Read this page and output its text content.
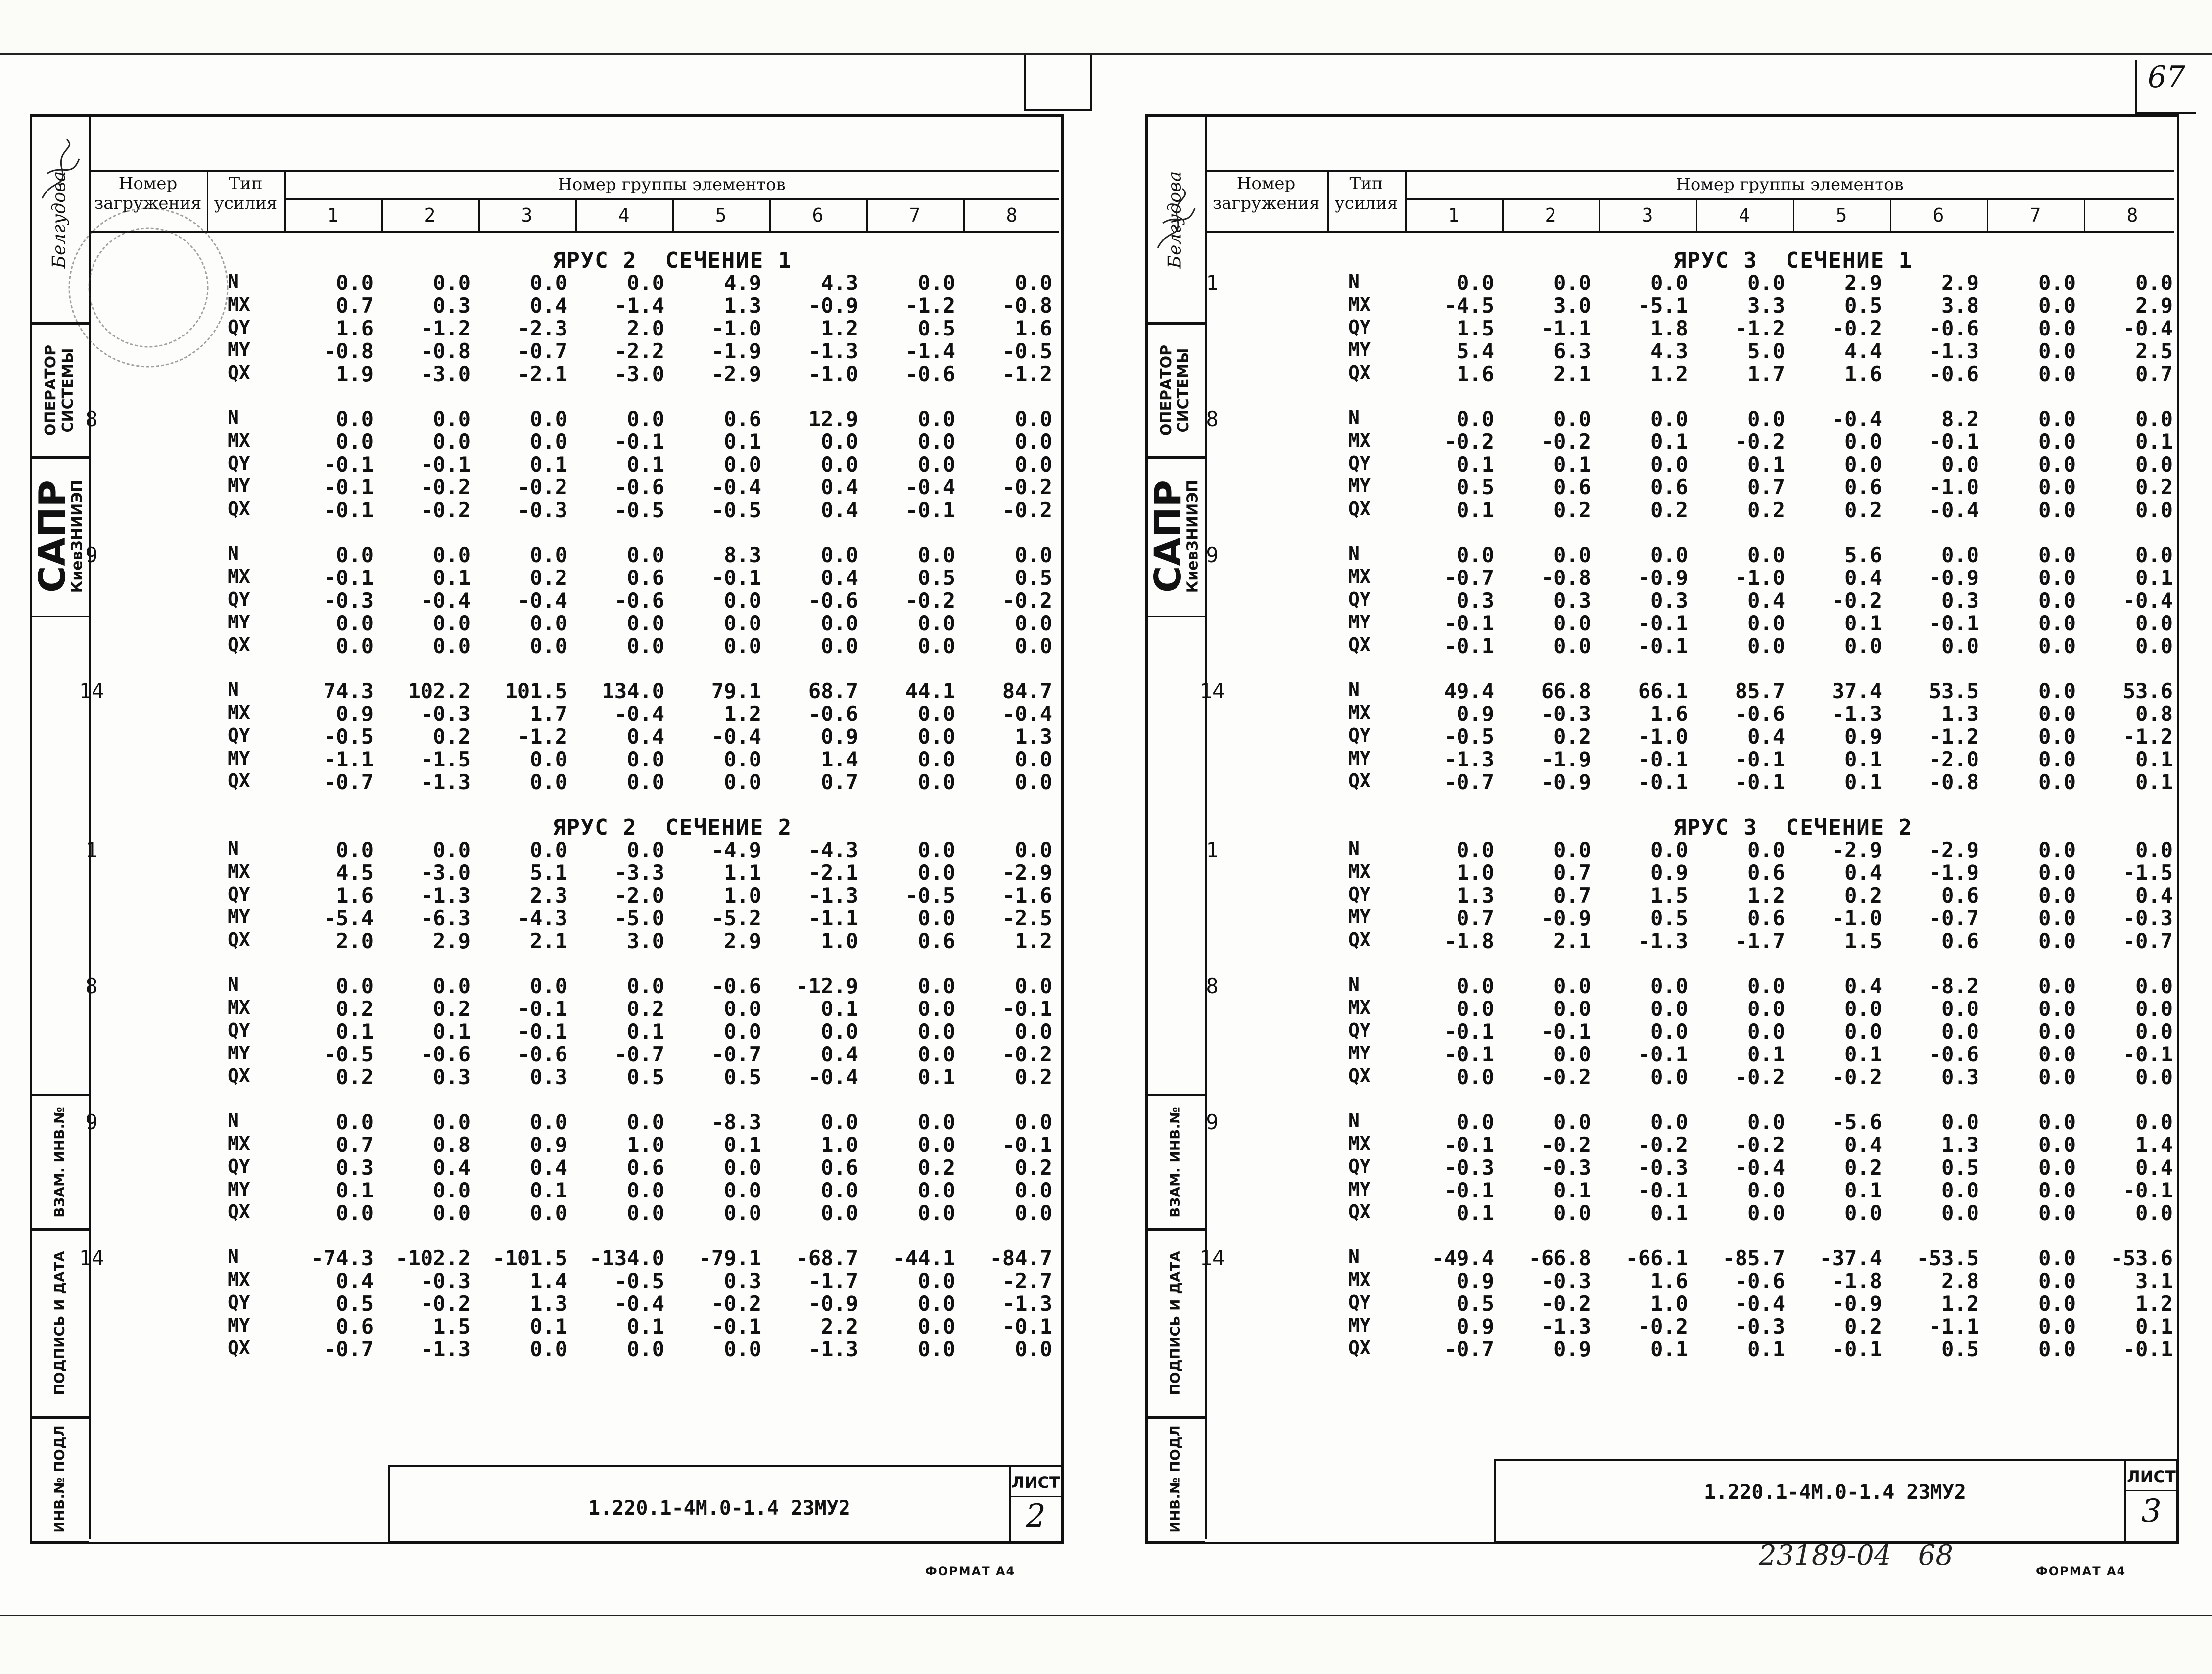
Номер
загружения
Тип
усилия
Номер группы элементов
1	2	3	4	5	6	7	8
ЯРУС 2  СЕЧЕНИЕ 1
N	0.0	0.0	0.0	0.0	4.9	4.3	0.0	0.0
MX	0.7	0.3	0.4	-1.4	1.3	-0.9	-1.2	-0.8
QY	1.6	-1.2	-2.3	2.0	-1.0	1.2	0.5	1.6
MY	-0.8	-0.8	-0.7	-2.2	-1.9	-1.3	-1.4	-0.5
QX	1.9	-3.0	-2.1	-3.0	-2.9	-1.0	-0.6	-1.2
8	N	0.0	0.0	0.0	0.0	0.6	12.9	0.0	0.0
MX	0.0	0.0	0.0	-0.1	0.1	0.0	0.0	0.0
QY	-0.1	-0.1	0.1	0.1	0.0	0.0	0.0	0.0
MY	-0.1	-0.2	-0.2	-0.6	-0.4	0.4	-0.4	-0.2
QX	-0.1	-0.2	-0.3	-0.5	-0.5	0.4	-0.1	-0.2
9	N	0.0	0.0	0.0	0.0	8.3	0.0	0.0	0.0
MX	-0.1	0.1	0.2	0.6	-0.1	0.4	0.5	0.5
QY	-0.3	-0.4	-0.4	-0.6	0.0	-0.6	-0.2	-0.2
MY	0.0	0.0	0.0	0.0	0.0	0.0	0.0	0.0
QX	0.0	0.0	0.0	0.0	0.0	0.0	0.0	0.0
14	N	74.3	102.2	101.5	134.0	79.1	68.7	44.1	84.7
MX	0.9	-0.3	1.7	-0.4	1.2	-0.6	0.0	-0.4
QY	-0.5	0.2	-1.2	0.4	-0.4	0.9	0.0	1.3
MY	-1.1	-1.5	0.0	0.0	0.0	1.4	0.0	0.0
QX	-0.7	-1.3	0.0	0.0	0.0	0.7	0.0	0.0
ЯРУС 2  СЕЧЕНИЕ 2
1	N	0.0	0.0	0.0	0.0	-4.9	-4.3	0.0	0.0
MX	4.5	-3.0	5.1	-3.3	1.1	-2.1	0.0	-2.9
QY	1.6	-1.3	2.3	-2.0	1.0	-1.3	-0.5	-1.6
MY	-5.4	-6.3	-4.3	-5.0	-5.2	-1.1	0.0	-2.5
QX	2.0	2.9	2.1	3.0	2.9	1.0	0.6	1.2
8	N	0.0	0.0	0.0	0.0	-0.6	-12.9	0.0	0.0
MX	0.2	0.2	-0.1	0.2	0.0	0.1	0.0	-0.1
QY	0.1	0.1	-0.1	0.1	0.0	0.0	0.0	0.0
MY	-0.5	-0.6	-0.6	-0.7	-0.7	0.4	0.0	-0.2
QX	0.2	0.3	0.3	0.5	0.5	-0.4	0.1	0.2
9	N	0.0	0.0	0.0	0.0	-8.3	0.0	0.0	0.0
MX	0.7	0.8	0.9	1.0	0.1	1.0	0.0	-0.1
QY	0.3	0.4	0.4	0.6	0.0	0.6	0.2	0.2
MY	0.1	0.0	0.1	0.0	0.0	0.0	0.0	0.0
QX	0.0	0.0	0.0	0.0	0.0	0.0	0.0	0.0
14	N	-74.3	-102.2	-101.5	-134.0	-79.1	-68.7	-44.1	-84.7
MX	0.4	-0.3	1.4	-0.5	0.3	-1.7	0.0	-2.7
QY	0.5	-0.2	1.3	-0.4	-0.2	-0.9	0.0	-1.3
MY	0.6	1.5	0.1	0.1	-0.1	2.2	0.0	-0.1
QX	-0.7	-1.3	0.0	0.0	0.0	-1.3	0.0	0.0
Белгудова
ОПЕРАТОР
СИСТЕМЫ
САПР
КиевЗНИИЭП
ВЗАМ. ИНВ.№
ПОДПИСЬ И ДАТА
ИНВ.№ ПОДЛ	1.220.1-4М.0-1.4 23МУ2
ЛИСТ
2
ФОРМАТ А4
67
Номер
загружения
Тип
усилия
Номер группы элементов
1	2	3	4	5	6	7	8
ЯРУС 3  СЕЧЕНИЕ 1
1	N	0.0	0.0	0.0	0.0	2.9	2.9	0.0	0.0
MX	-4.5	3.0	-5.1	3.3	0.5	3.8	0.0	2.9
QY	1.5	-1.1	1.8	-1.2	-0.2	-0.6	0.0	-0.4
MY	5.4	6.3	4.3	5.0	4.4	-1.3	0.0	2.5
QX	1.6	2.1	1.2	1.7	1.6	-0.6	0.0	0.7
8	N	0.0	0.0	0.0	0.0	-0.4	8.2	0.0	0.0
MX	-0.2	-0.2	0.1	-0.2	0.0	-0.1	0.0	0.1
QY	0.1	0.1	0.0	0.1	0.0	0.0	0.0	0.0
MY	0.5	0.6	0.6	0.7	0.6	-1.0	0.0	0.2
QX	0.1	0.2	0.2	0.2	0.2	-0.4	0.0	0.0
9	N	0.0	0.0	0.0	0.0	5.6	0.0	0.0	0.0
MX	-0.7	-0.8	-0.9	-1.0	0.4	-0.9	0.0	0.1
QY	0.3	0.3	0.3	0.4	-0.2	0.3	0.0	-0.4
MY	-0.1	0.0	-0.1	0.0	0.1	-0.1	0.0	0.0
QX	-0.1	0.0	-0.1	0.0	0.0	0.0	0.0	0.0
14	N	49.4	66.8	66.1	85.7	37.4	53.5	0.0	53.6
MX	0.9	-0.3	1.6	-0.6	-1.3	1.3	0.0	0.8
QY	-0.5	0.2	-1.0	0.4	0.9	-1.2	0.0	-1.2
MY	-1.3	-1.9	-0.1	-0.1	0.1	-2.0	0.0	0.1
QX	-0.7	-0.9	-0.1	-0.1	0.1	-0.8	0.0	0.1
ЯРУС 3  СЕЧЕНИЕ 2
1	N	0.0	0.0	0.0	0.0	-2.9	-2.9	0.0	0.0
MX	1.0	0.7	0.9	0.6	0.4	-1.9	0.0	-1.5
QY	1.3	0.7	1.5	1.2	0.2	0.6	0.0	0.4
MY	0.7	-0.9	0.5	0.6	-1.0	-0.7	0.0	-0.3
QX	-1.8	2.1	-1.3	-1.7	1.5	0.6	0.0	-0.7
8	N	0.0	0.0	0.0	0.0	0.4	-8.2	0.0	0.0
MX	0.0	0.0	0.0	0.0	0.0	0.0	0.0	0.0
QY	-0.1	-0.1	0.0	0.0	0.0	0.0	0.0	0.0
MY	-0.1	0.0	-0.1	0.1	0.1	-0.6	0.0	-0.1
QX	0.0	-0.2	0.0	-0.2	-0.2	0.3	0.0	0.0
9	N	0.0	0.0	0.0	0.0	-5.6	0.0	0.0	0.0
MX	-0.1	-0.2	-0.2	-0.2	0.4	1.3	0.0	1.4
QY	-0.3	-0.3	-0.3	-0.4	0.2	0.5	0.0	0.4
MY	-0.1	0.1	-0.1	0.0	0.1	0.0	0.0	-0.1
QX	0.1	0.0	0.1	0.0	0.0	0.0	0.0	0.0
14	N	-49.4	-66.8	-66.1	-85.7	-37.4	-53.5	0.0	-53.6
MX	0.9	-0.3	1.6	-0.6	-1.8	2.8	0.0	3.1
QY	0.5	-0.2	1.0	-0.4	-0.9	1.2	0.0	1.2
MY	0.9	-1.3	-0.2	-0.3	0.2	-1.1	0.0	0.1
QX	-0.7	0.9	0.1	0.1	-0.1	0.5	0.0	-0.1
Белгудова
ОПЕРАТОР
СИСТЕМЫ
САПР
КиевЗНИИЭП
ВЗАМ. ИНВ.№
ПОДПИСЬ И ДАТА
ИНВ.№ ПОДЛ	1.220.1-4М.0-1.4 23МУ2
ЛИСТ
3
23189-04   68	ФОРМАТ А4
